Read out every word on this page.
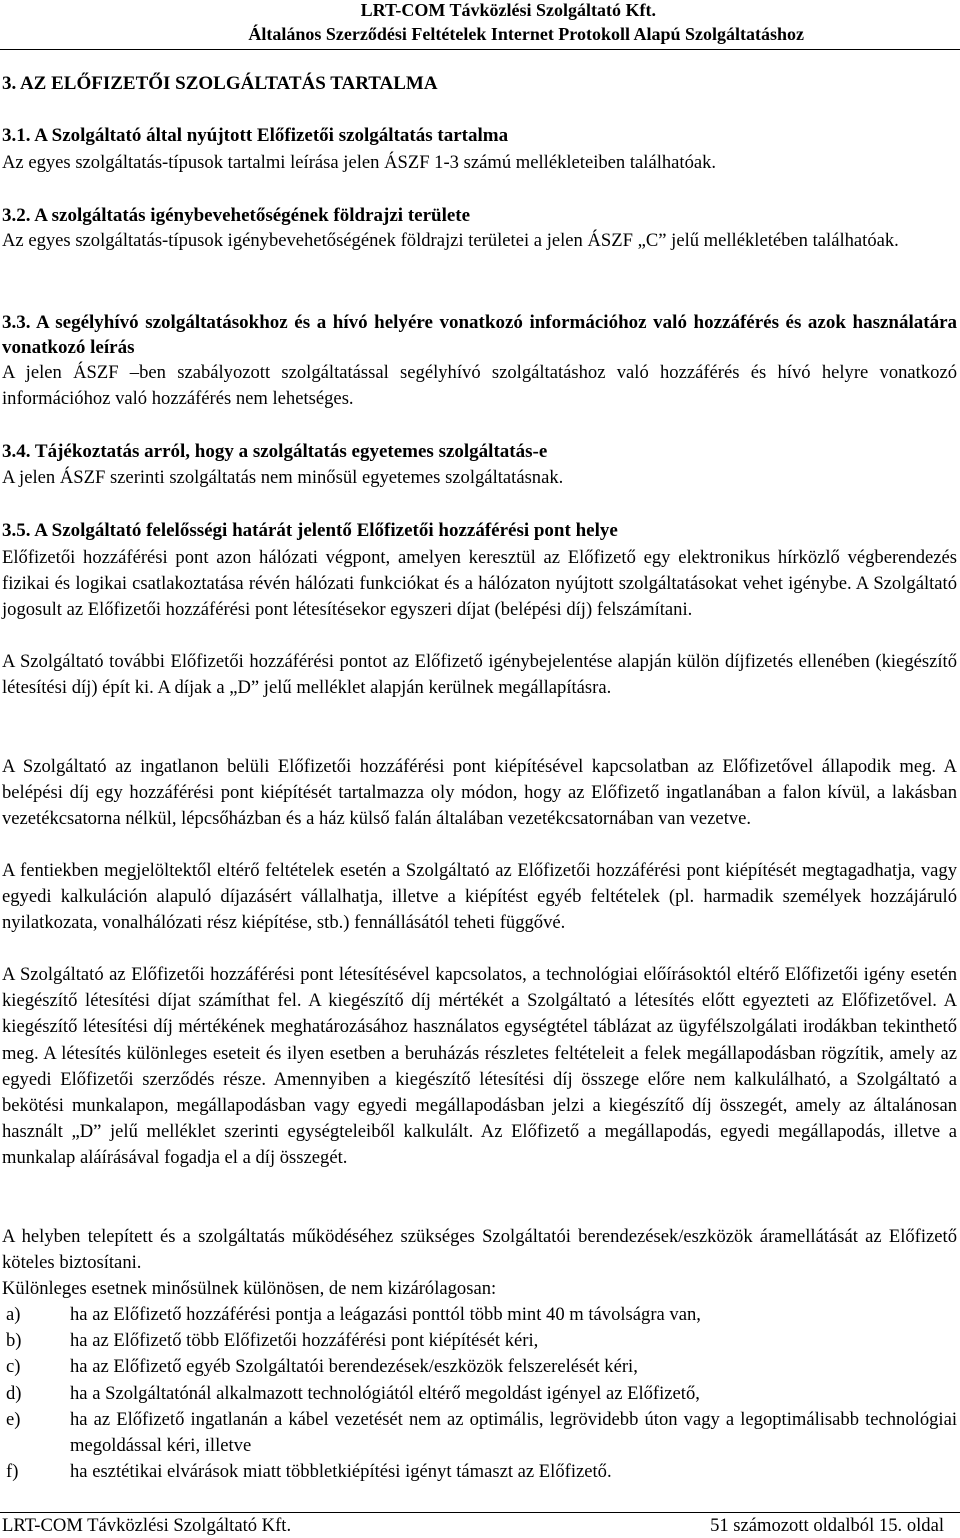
LRT-COM Távközlési Szolgáltató Kft.
Általános Szerződési Feltételek Internet Protokoll Alapú Szolgáltatáshoz
3. AZ ELŐFIZETŐI SZOLGÁLTATÁS TARTALMA
3.1. A Szolgáltató által nyújtott Előfizetői szolgáltatás tartalma
Az egyes szolgáltatás-típusok tartalmi leírása jelen ÁSZF 1-3 számú mellékleteiben találhatóak.
3.2. A szolgáltatás igénybevehetőségének földrajzi területe
Az egyes szolgáltatás-típusok igénybevehetőségének földrajzi területei a jelen ÁSZF „C” jelű mellékletében találhatóak.
3.3. A segélyhívó szolgáltatásokhoz és a hívó helyére vonatkozó információhoz való hozzáférés és azok használatára vonatkozó leírás
A jelen ÁSZF –ben szabályozott szolgáltatással segélyhívó szolgáltatáshoz való hozzáférés és hívó helyre vonatkozó információhoz való hozzáférés nem lehetséges.
3.4. Tájékoztatás arról, hogy a szolgáltatás egyetemes szolgáltatás-e
A jelen ÁSZF szerinti szolgáltatás nem minősül egyetemes szolgáltatásnak.
3.5. A Szolgáltató felelősségi határát jelentő Előfizetői hozzáférési pont helye
Előfizetői hozzáférési pont azon hálózati végpont, amelyen keresztül az Előfizető egy elektronikus hírközlő végberendezés fizikai és logikai csatlakoztatása révén hálózati funkciókat és a hálózaton nyújtott szolgáltatásokat vehet igénybe. A Szolgáltató jogosult az Előfizetői hozzáférési pont létesítésekor egyszeri díjat (belépési díj) felszámítani.
A Szolgáltató további Előfizetői hozzáférési pontot az Előfizető igénybejelentése alapján külön díjfizetés ellenében (kiegészítő létesítési díj) épít ki. A díjak a „D” jelű melléklet alapján kerülnek megállapításra.
A Szolgáltató az ingatlanon belüli Előfizetői hozzáférési pont kiépítésével kapcsolatban az Előfizetővel állapodik meg. A belépési díj egy hozzáférési pont kiépítését tartalmazza oly módon, hogy az Előfizető ingatlanában a falon kívül, a lakásban vezetékcsatorna nélkül, lépcsőházban és a ház külső falán általában vezetékcsatornában van vezetve.
A fentiekben megjelöltektől eltérő feltételek esetén a Szolgáltató az Előfizetői hozzáférési pont kiépítését megtagadhatja, vagy egyedi kalkuláción alapuló díjazásért vállalhatja, illetve a kiépítést egyéb feltételek (pl. harmadik személyek hozzájáruló nyilatkozata, vonalhálózati rész kiépítése, stb.) fennállásától teheti függővé.
A Szolgáltató az Előfizetői hozzáférési pont létesítésével kapcsolatos, a technológiai előírásoktól eltérő Előfizetői igény esetén kiegészítő létesítési díjat számíthat fel. A kiegészítő díj mértékét a Szolgáltató a létesítés előtt egyezteti az Előfizetővel. A kiegészítő létesítési díj mértékének meghatározásához használatos egységtétel táblázat az ügyfélszolgálati irodákban tekinthető meg. A létesítés különleges eseteit és ilyen esetben a beruházás részletes feltételeit a felek megállapodásban rögzítik, amely az egyedi Előfizetői szerződés része. Amennyiben a kiegészítő létesítési díj összege előre nem kalkulálható, a Szolgáltató a bekötési munkalapon, megállapodásban vagy egyedi megállapodásban jelzi a kiegészítő díj összegét, amely az általánosan használt „D” jelű melléklet szerinti egységteleiből kalkulált. Az Előfizető a megállapodás, egyedi megállapodás, illetve a munkalap aláírásával fogadja el a díj összegét.
A helyben telepített és a szolgáltatás működéséhez szükséges Szolgáltatói berendezések/eszközök áramellátását az Előfizető köteles biztosítani.
Különleges esetnek minősülnek különösen, de nem kizárólagosan:
a)	ha az Előfizető hozzáférési pontja a leágazási ponttól több mint 40 m távolságra van,
b)	ha az Előfizető több Előfizetői hozzáférési pont kiépítését kéri,
c)	ha az Előfizető egyéb Szolgáltatói berendezések/eszközök felszerelését kéri,
d)	ha a Szolgáltatónál alkalmazott technológiától eltérő megoldást igényel az Előfizető,
e)	ha az Előfizető ingatlanán a kábel vezetését nem az optimális, legrövidebb úton vagy a legoptimálisabb technológiai megoldással kéri, illetve
f)	ha esztétikai elvárások miatt többletkiépítési igényt támaszt az Előfizető.
LRT-COM Távközlési Szolgáltató Kft.	51 számozott oldalból 15. oldal
